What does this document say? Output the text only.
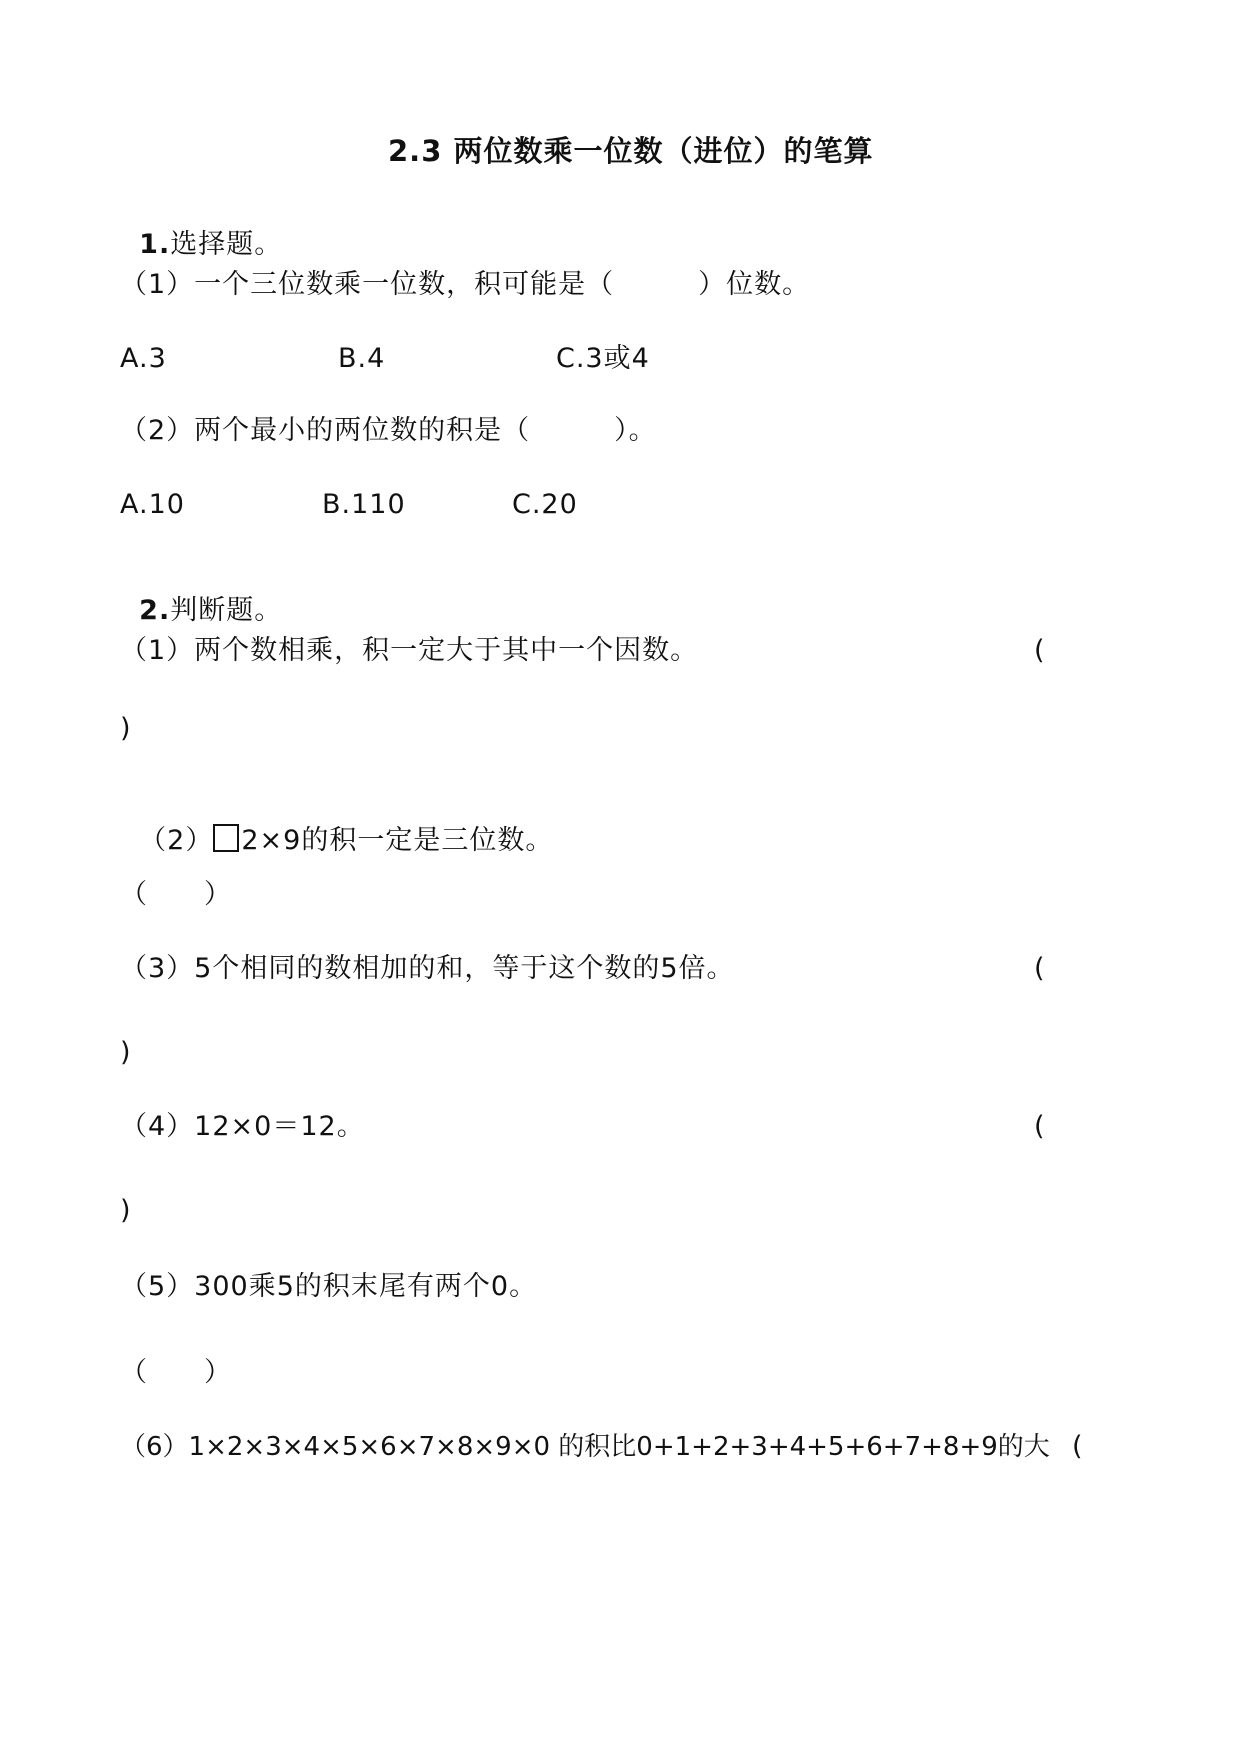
2.3 两位数乘一位数（进位）的笔算

1.选择题。

（1）一个三位数乘一位数，积可能是（　　　）位数。
A.3	B.4	C.3或4
（2）两个最小的两位数的积是（　　　）。
A.10	B.110	C.20

2.判断题。

（1）两个数相乘，积一定大于其中一个因数。	(
)

（2） 2×9的积一定是三位数。

（　　）
（3）5个相同的数相加的和，等于这个数的5倍。	(
)
（4）12×0＝12。	(
)
（5）300乘5的积末尾有两个0。
（　　）
（6）1×2×3×4×5×6×7×8×9×0 的积比0+1+2+3+4+5+6+7+8+9的大 (
